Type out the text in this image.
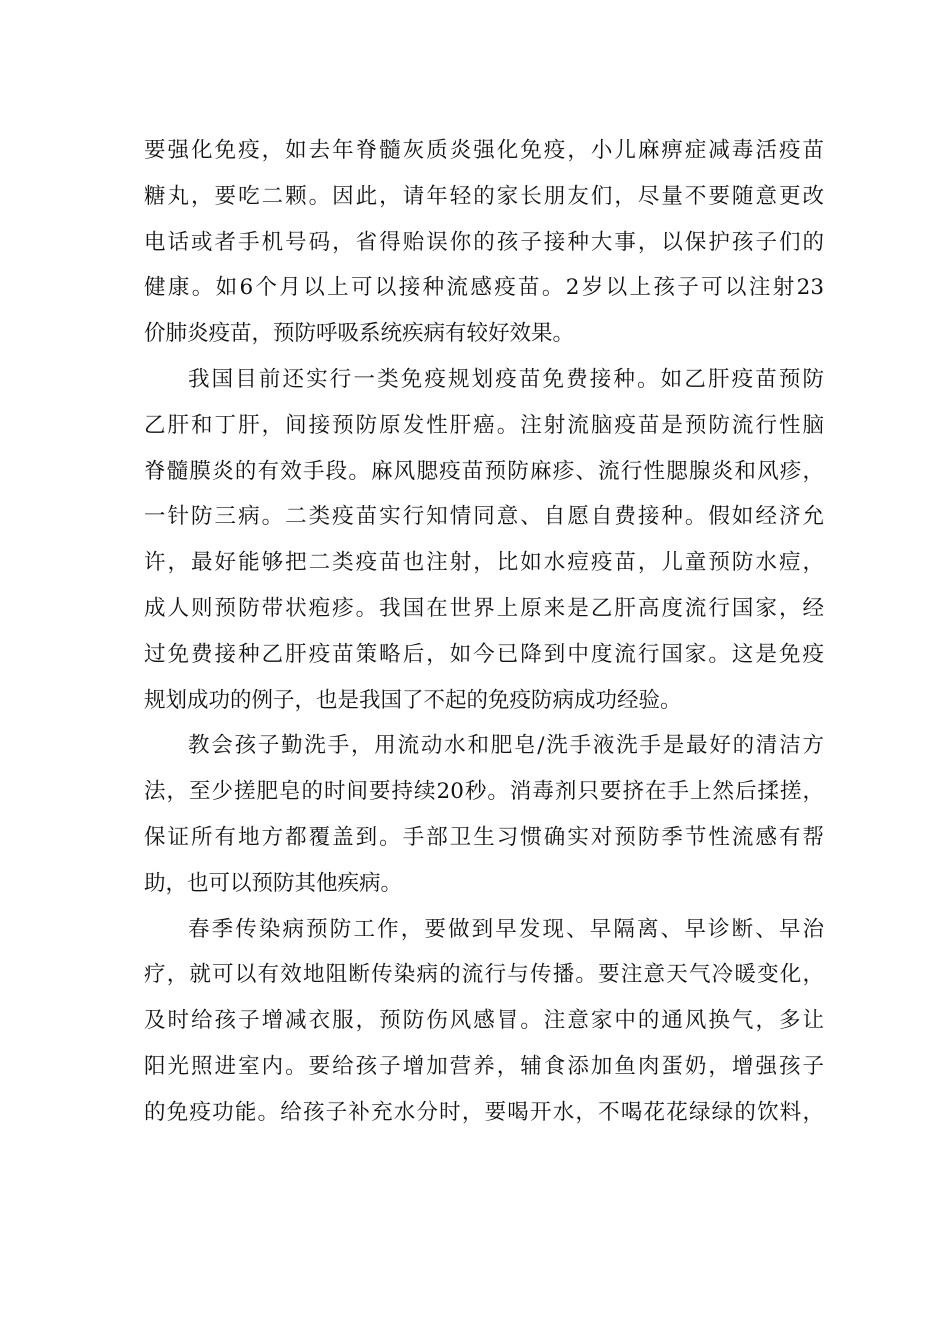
要强化免疫，如去年脊髓灰质炎强化免疫，小儿麻痹症减毒活疫苗
糖丸，要吃二颗。因此，请年轻的家长朋友们，尽量不要随意更改
电话或者手机号码，省得贻误你的孩子接种大事，以保护孩子们的
健康。如6个月以上可以接种流感疫苗。2岁以上孩子可以注射23
价肺炎疫苗，预防呼吸系统疾病有较好效果。
我国目前还实行一类免疫规划疫苗免费接种。如乙肝疫苗预防
乙肝和丁肝，间接预防原发性肝癌。注射流脑疫苗是预防流行性脑
脊髓膜炎的有效手段。麻风腮疫苗预防麻疹、流行性腮腺炎和风疹，
一针防三病。二类疫苗实行知情同意、自愿自费接种。假如经济允
许，最好能够把二类疫苗也注射，比如水痘疫苗，儿童预防水痘，
成人则预防带状疱疹。我国在世界上原来是乙肝高度流行国家，经
过免费接种乙肝疫苗策略后，如今已降到中度流行国家。这是免疫
规划成功的例子，也是我国了不起的免疫防病成功经验。
教会孩子勤洗手，用流动水和肥皂/洗手液洗手是最好的清洁方
法，至少搓肥皂的时间要持续20秒。消毒剂只要挤在手上然后揉搓，
保证所有地方都覆盖到。手部卫生习惯确实对预防季节性流感有帮
助，也可以预防其他疾病。
春季传染病预防工作，要做到早发现、早隔离、早诊断、早治
疗，就可以有效地阻断传染病的流行与传播。要注意天气冷暖变化，
及时给孩子增减衣服，预防伤风感冒。注意家中的通风换气，多让
阳光照进室内。要给孩子增加营养，辅食添加鱼肉蛋奶，增强孩子
的免疫功能。给孩子补充水分时，要喝开水，不喝花花绿绿的饮料，
